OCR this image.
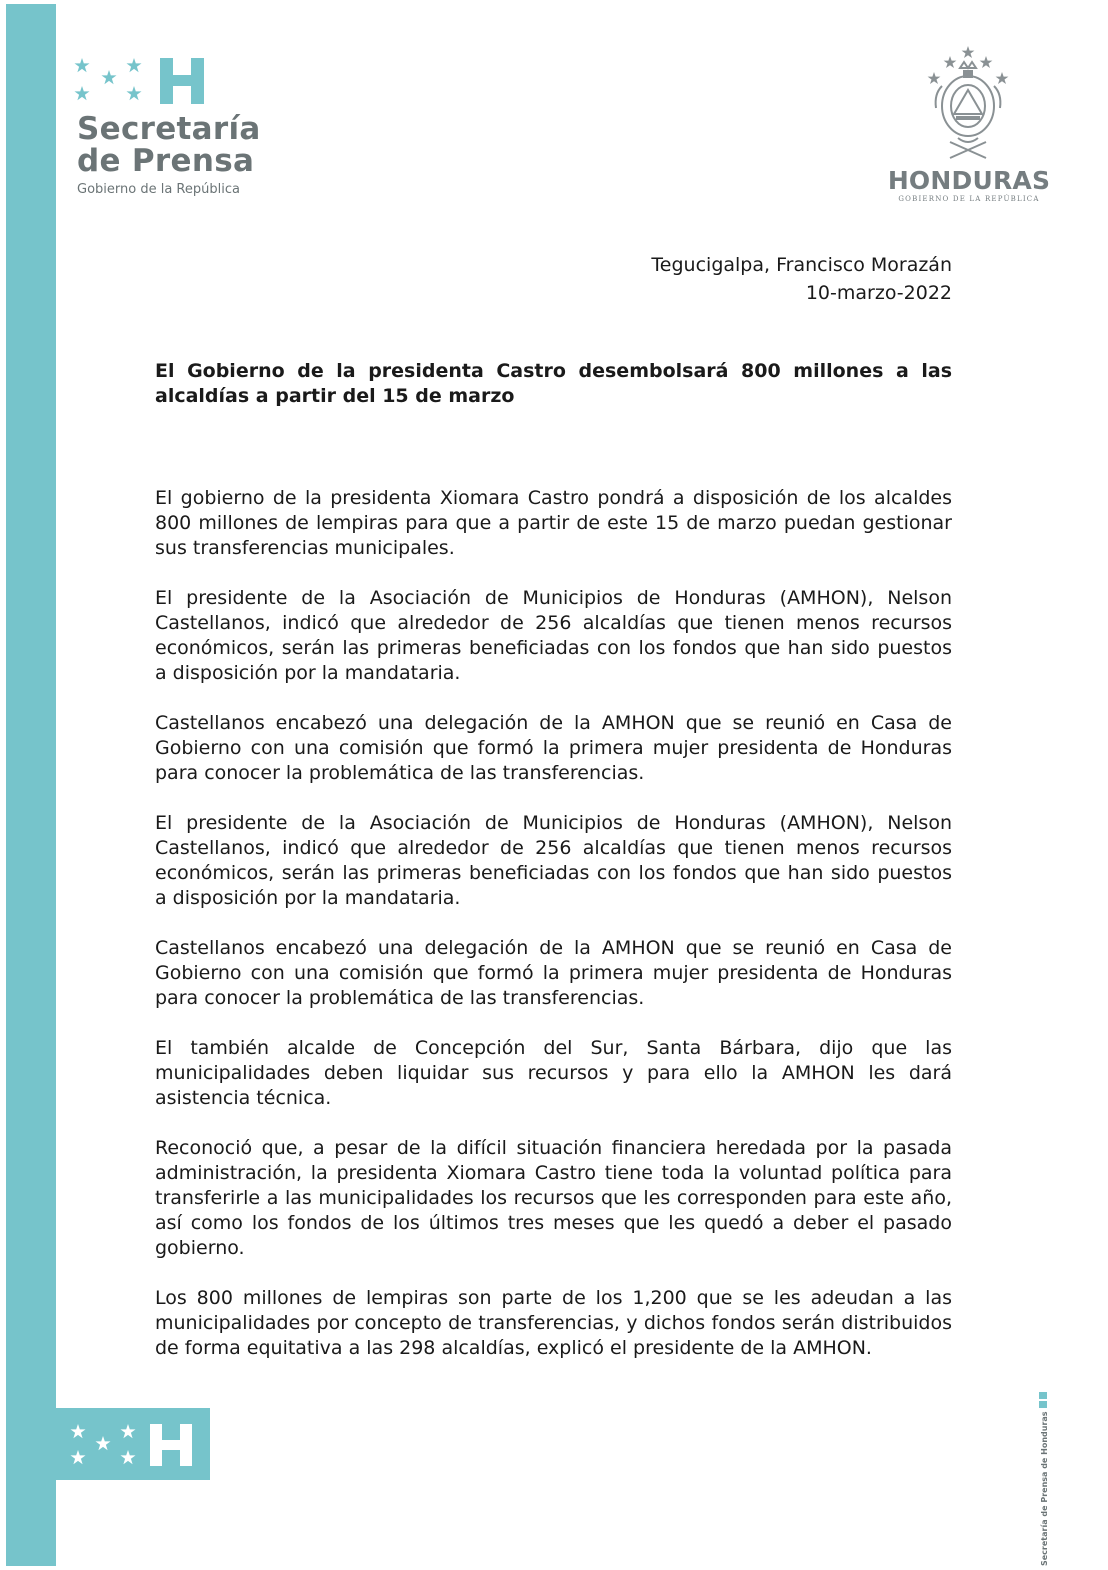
Secretaría
de Prensa
Gobierno de la República	HONDURAS
GOBIERNO DE LA REPÚBLICA
Tegucigalpa, Francisco Morazán
10-marzo-2022
El Gobierno de la presidenta Castro desembolsará 800 millones a las alcaldías a partir del 15 de marzo

El gobierno de la presidenta Xiomara Castro pondrá a disposición de los alcaldes 800 millones de lempiras para que a partir de este 15 de marzo puedan gestionar sus transferencias municipales.

El presidente de la Asociación de Municipios de Honduras (AMHON), Nelson Castellanos, indicó que alrededor de 256 alcaldías que tienen menos recursos económicos, serán las primeras beneficiadas con los fondos que han sido puestos a disposición por la mandataria.

Castellanos encabezó una delegación de la AMHON que se reunió en Casa de Gobierno con una comisión que formó la primera mujer presidenta de Honduras para conocer la problemática de las transferencias.

El presidente de la Asociación de Municipios de Honduras (AMHON), Nelson Castellanos, indicó que alrededor de 256 alcaldías que tienen menos recursos económicos, serán las primeras beneficiadas con los fondos que han sido puestos a disposición por la mandataria.

Castellanos encabezó una delegación de la AMHON que se reunió en Casa de Gobierno con una comisión que formó la primera mujer presidenta de Honduras para conocer la problemática de las transferencias.

El también alcalde de Concepción del Sur, Santa Bárbara, dijo que las municipalidades deben liquidar sus recursos y para ello la AMHON les dará asistencia técnica.

Reconoció que, a pesar de la difícil situación financiera heredada por la pasada administración, la presidenta Xiomara Castro tiene toda la voluntad política para transferirle a las municipalidades los recursos que les corresponden para este año, así como los fondos de los últimos tres meses que les quedó a deber el pasado gobierno.

Los 800 millones de lempiras son parte de los 1,200 que se les adeudan a las municipalidades por concepto de transferencias, y dichos fondos serán distribuidos de forma equitativa a las 298 alcaldías, explicó el presidente de la AMHON.

Secretaría de Prensa de Honduras
